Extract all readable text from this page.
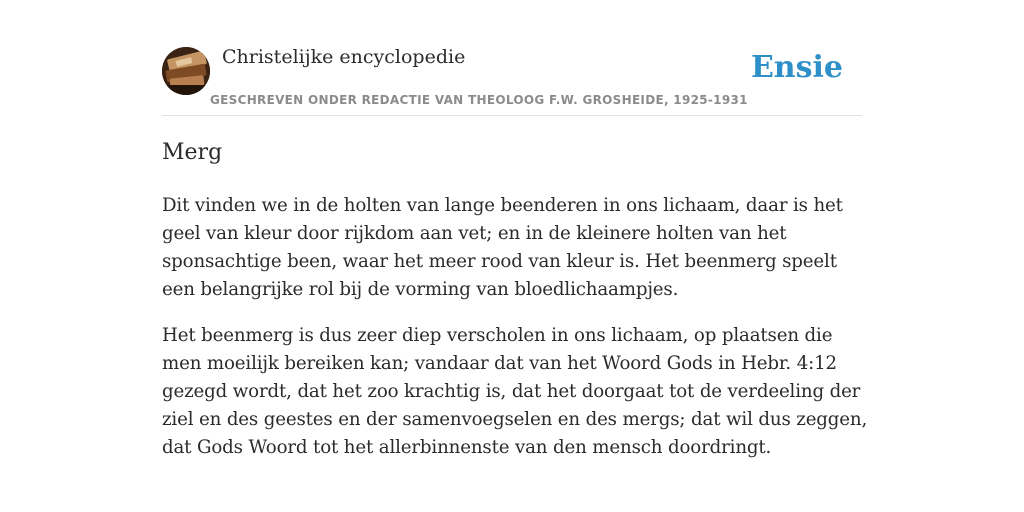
Christelijke encyclopedie
GESCHREVEN ONDER REDACTIE VAN THEOLOOG F.W. GROSHEIDE, 1925-1931
Ensie
Merg

Dit vinden we in de holten van lange beenderen in ons lichaam, daar is het geel van kleur door rijkdom aan vet; en in de kleinere holten van het sponsachtige been, waar het meer rood van kleur is. Het beenmerg speelt een belangrijke rol bij de vorming van bloedlichaampjes.

Het beenmerg is dus zeer diep verscholen in ons lichaam, op plaatsen die men moeilijk bereiken kan; vandaar dat van het Woord Gods in Hebr. 4:12 gezegd wordt, dat het zoo krachtig is, dat het doorgaat tot de verdeeling der ziel en des geestes en der samenvoegselen en des mergs; dat wil dus zeggen, dat Gods Woord tot het allerbinnenste van den mensch doordringt.
